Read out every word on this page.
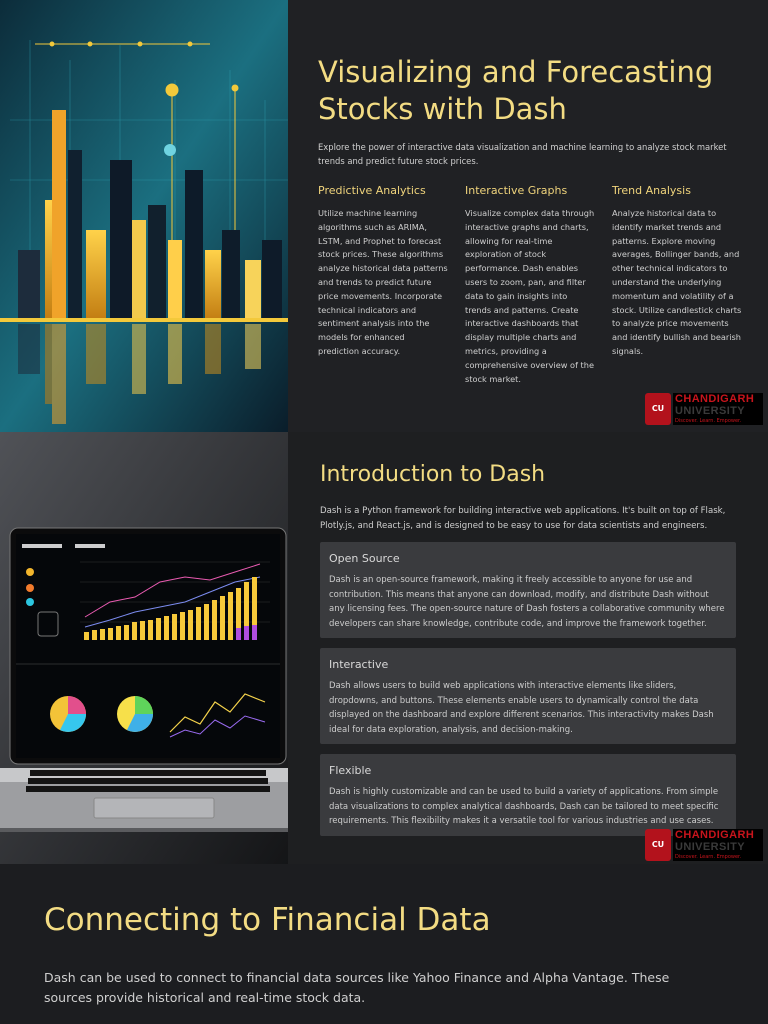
Visualizing and Forecasting Stocks with Dash

Explore the power of interactive data visualization and machine learning to analyze stock market trends and predict future stock prices.

Predictive Analytics

Utilize machine learning algorithms such as ARIMA, LSTM, and Prophet to forecast stock prices. These algorithms analyze historical data patterns and trends to predict future price movements. Incorporate technical indicators and sentiment analysis into the models for enhanced prediction accuracy.

Interactive Graphs

Visualize complex data through interactive graphs and charts, allowing for real-time exploration of stock performance. Dash enables users to zoom, pan, and filter data to gain insights into trends and patterns. Create interactive dashboards that display multiple charts and metrics, providing a comprehensive overview of the stock market.

Trend Analysis

Analyze historical data to identify market trends and patterns. Explore moving averages, Bollinger bands, and other technical indicators to understand the underlying momentum and volatility of a stock. Utilize candlestick charts to analyze price movements and identify bullish and bearish signals.

CU
CHANDIGARH
UNIVERSITY
Discover. Learn. Empower.
Introduction to Dash

Dash is a Python framework for building interactive web applications. It's built on top of Flask, Plotly.js, and React.js, and is designed to be easy to use for data scientists and engineers.

Open Source

Dash is an open-source framework, making it freely accessible to anyone for use and contribution. This means that anyone can download, modify, and distribute Dash without any licensing fees. The open-source nature of Dash fosters a collaborative community where developers can share knowledge, contribute code, and improve the framework together.

Interactive

Dash allows users to build web applications with interactive elements like sliders, dropdowns, and buttons. These elements enable users to dynamically control the data displayed on the dashboard and explore different scenarios. This interactivity makes Dash ideal for data exploration, analysis, and decision-making.

Flexible

Dash is highly customizable and can be used to build a variety of applications. From simple data visualizations to complex analytical dashboards, Dash can be tailored to meet specific requirements. This flexibility makes it a versatile tool for various industries and use cases.

CU
CHANDIGARH
UNIVERSITY
Discover. Learn. Empower.
Connecting to Financial Data

Dash can be used to connect to financial data sources like Yahoo Finance and Alpha Vantage. These sources provide historical and real-time stock data.
